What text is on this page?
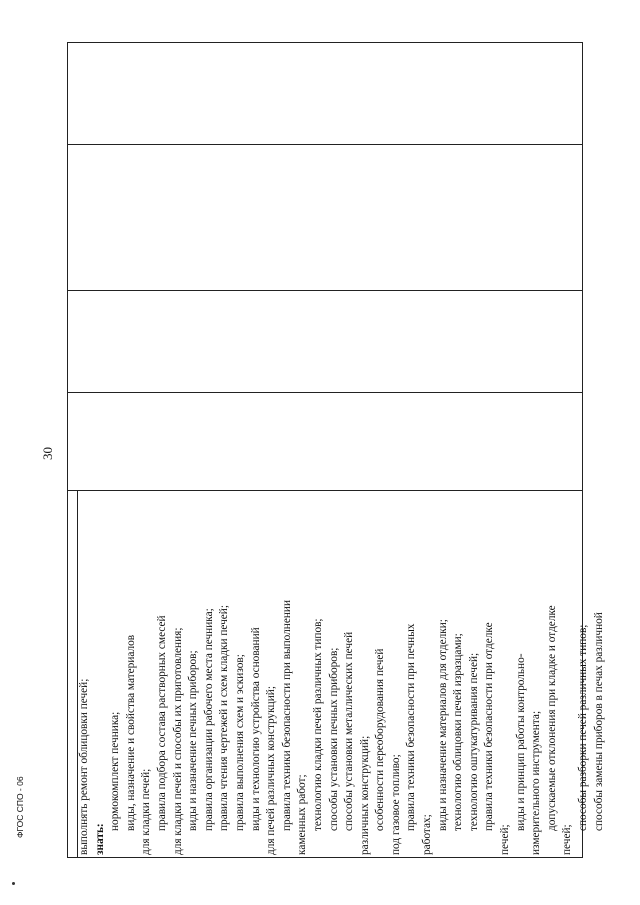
выполнять ремонт облицовки печей; знать:
нормокомплект печника; виды, назначение и свойства материалов для кладки печей; правила подбора состава растворных смесей для кладки печей и способы их приготовления; виды и назначение печных приборов; правила организации рабочего места печника; правила чтения чертежей и схем кладки печей; правила выполнения схем и эскизов; виды и технологию устройства оснований для печей различных конструкций; правила техники безопасности при выполнении каменных работ; технологию кладки печей различных типов; способы установки печных приборов; способы установки металлических печей различных конструкций; особенности переоборудования печей под газовое топливо; правила техники безопасности при печных
работах;
виды и назначение материалов для отделки; технологию облицовки печей изразцами; технологию оштукатуривания печей; правила техники безопасности при отделке
печей;
виды и принцип работы контрольно- измерительного инструмента; допускаемые отклонения при кладке и отделке
печей;
способы разборки печей различных типов; способы замены приборов в печах различной
30
ФГОС СПО - 06
